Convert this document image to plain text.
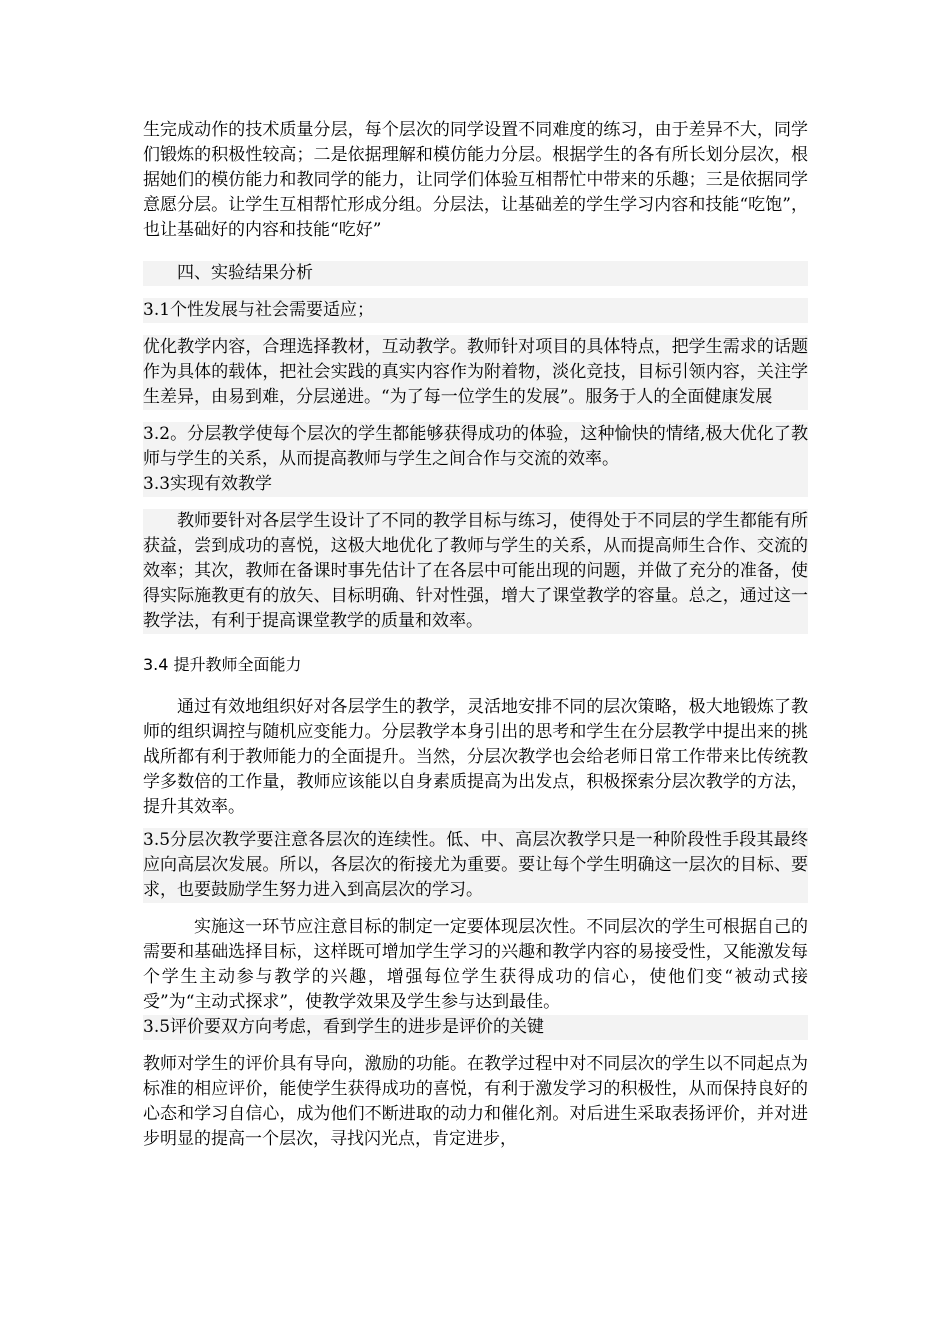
生完成动作的技术质量分层，每个层次的同学设置不同难度的练习，由于差异不大，同学们锻炼的积极性较高；二是依据理解和模仿能力分层。根据学生的各有所长划分层次，根据她们的模仿能力和教同学的能力，让同学们体验互相帮忙中带来的乐趣；三是依据同学意愿分层。让学生互相帮忙形成分组。分层法，让基础差的学生学习内容和技能“吃饱”，也让基础好的内容和技能“吃好”

四、实验结果分析

3.1个性发展与社会需要适应；

优化教学内容，合理选择教材，互动教学。教师针对项目的具体特点，把学生需求的话题作为具体的载体，把社会实践的真实内容作为附着物，淡化竞技，目标引领内容，关注学生差异，由易到难，分层递进。“为了每一位学生的发展”。服务于人的全面健康发展

3.2。分层教学使每个层次的学生都能够获得成功的体验，这种愉快的情绪,极大优化了教师与学生的关系，从而提高教师与学生之间合作与交流的效率。

3.3实现有效教学

教师要针对各层学生设计了不同的教学目标与练习，使得处于不同层的学生都能有所获益，尝到成功的喜悦，这极大地优化了教师与学生的关系，从而提高师生合作、交流的效率；其次，教师在备课时事先估计了在各层中可能出现的问题，并做了充分的准备，使得实际施教更有的放矢、目标明确、针对性强，增大了课堂教学的容量。总之，通过这一教学法，有利于提高课堂教学的质量和效率。

3.4 提升教师全面能力

通过有效地组织好对各层学生的教学，灵活地安排不同的层次策略，极大地锻炼了教师的组织调控与随机应变能力。分层教学本身引出的思考和学生在分层教学中提出来的挑战所都有利于教师能力的全面提升。当然，分层次教学也会给老师日常工作带来比传统教学多数倍的工作量，教师应该能以自身素质提高为出发点，积极探索分层次教学的方法，提升其效率。

3.5分层次教学要注意各层次的连续性。低、中、高层次教学只是一种阶段性手段其最终应向高层次发展。所以，各层次的衔接尤为重要。要让每个学生明确这一层次的目标、要求，也要鼓励学生努力进入到高层次的学习。

实施这一环节应注意目标的制定一定要体现层次性。不同层次的学生可根据自己的需要和基础选择目标，这样既可增加学生学习的兴趣和教学内容的易接受性，又能激发每个学生主动参与教学的兴趣，增强每位学生获得成功的信心，使他们变“被动式接受”为“主动式探求”，使教学效果及学生参与达到最佳。

3.5评价要双方向考虑，看到学生的进步是评价的关键

教师对学生的评价具有导向，激励的功能。在教学过程中对不同层次的学生以不同起点为标准的相应评价，能使学生获得成功的喜悦，有利于激发学习的积极性，从而保持良好的心态和学习自信心，成为他们不断进取的动力和催化剂。对后进生采取表扬评价，并对进步明显的提高一个层次，寻找闪光点，肯定进步，
